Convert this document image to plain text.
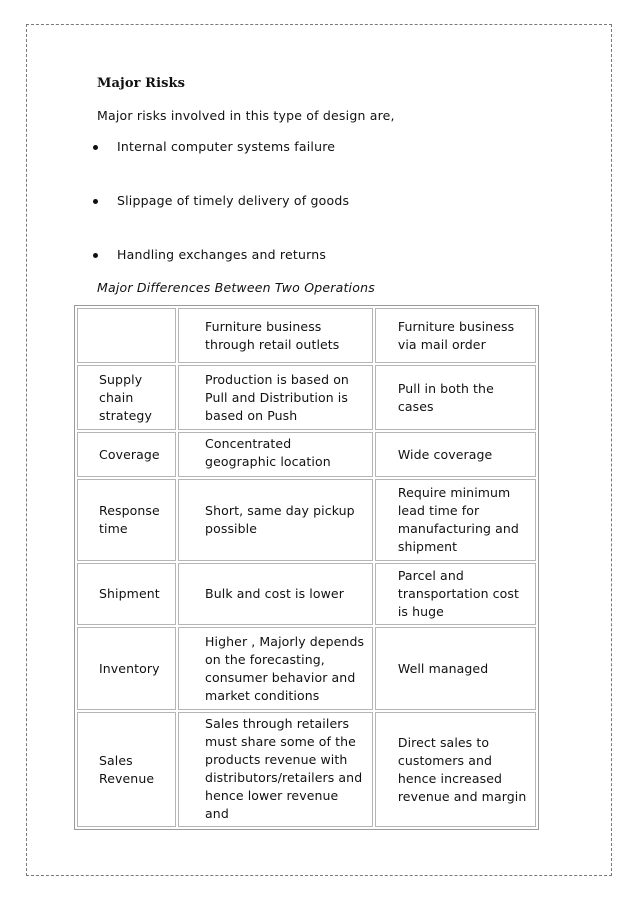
Major Risks
Major risks involved in this type of design are,
Internal computer systems failure
Slippage of timely delivery of goods
Handling exchanges and returns
Major Differences Between Two Operations
	Furniture business through retail outlets	Furniture business via mail order
Supply chain strategy	Production is based on Pull and Distribution is based on Push	Pull in both the cases
Coverage	Concentrated geographic location	Wide coverage
Response time	Short, same day pickup possible	Require minimum lead time for manufacturing and shipment
Shipment	Bulk and cost is lower	Parcel and transportation cost is huge
Inventory	Higher , Majorly depends on the forecasting, consumer behavior and market conditions	Well managed
Sales Revenue	Sales through retailers must share some of the products revenue with distributors/retailers and hence lower revenue and	Direct sales to customers and hence increased revenue and margin
